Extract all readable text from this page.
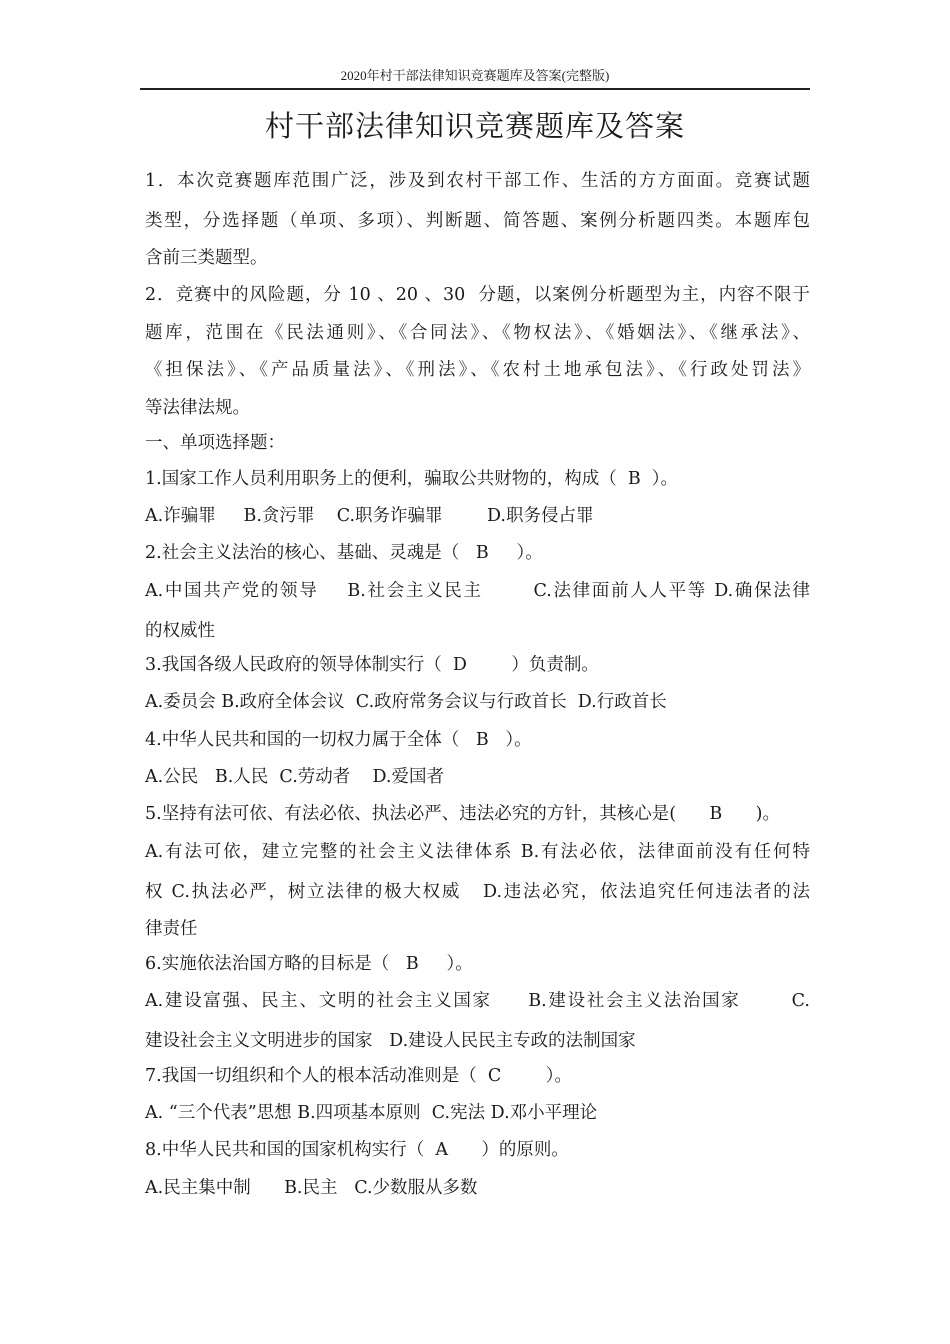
2020年村干部法律知识竞赛题库及答案(完整版)
村干部法律知识竞赛题库及答案
1．本次竞赛题库范围广泛，涉及到农村干部工作、生活的方方面面。竞赛试题
类型，分选择题（单项、多项）、判断题、简答题、案例分析题四类。本题库包
含前三类题型。
2．竞赛中的风险题，分 10 、20 、30  分题，以案例分析题型为主，内容不限于
题库，范围在《民法通则》、《合同法》、《物权法》、《婚姻法》、《继承法》、
《担保法》、《产品质量法》、《刑法》、《农村土地承包法》、《行政处罚法》
等法律法规。
一、单项选择题：
1.国家工作人员利用职务上的便利，骗取公共财物的，构成（  B  ）。
A.诈骗罪     B.贪污罪    C.职务诈骗罪        D.职务侵占罪
2.社会主义法治的核心、基础、灵魂是（   B     ）。
A.中国共产党的领导    B.社会主义民主       C.法律面前人人平等 D.确保法律
的权威性
3.我国各级人民政府的领导体制实行（  D        ）负责制。
A.委员会 B.政府全体会议  C.政府常务会议与行政首长  D.行政首长
4.中华人民共和国的一切权力属于全体（   B   ）。
A.公民   B.人民  C.劳动者    D.爱国者
5.坚持有法可依、有法必依、执法必严、违法必究的方针，其核心是(      B      )。
A.有法可依，建立完整的社会主义法律体系 B.有法必依，法律面前没有任何特
权 C.执法必严，树立法律的极大权威   D.违法必究，依法追究任何违法者的法
律责任
6.实施依法治国方略的目标是（   B     ）。
A.建设富强、民主、文明的社会主义国家     B.建设社会主义法治国家       C.
建设社会主义文明进步的国家   D.建设人民民主专政的法制国家
7.我国一切组织和个人的根本活动准则是（  C        ）。
A. “三个代表”思想 B.四项基本原则  C.宪法 D.邓小平理论
8.中华人民共和国的国家机构实行（  A      ）的原则。
A.民主集中制      B.民主   C.少数服从多数
